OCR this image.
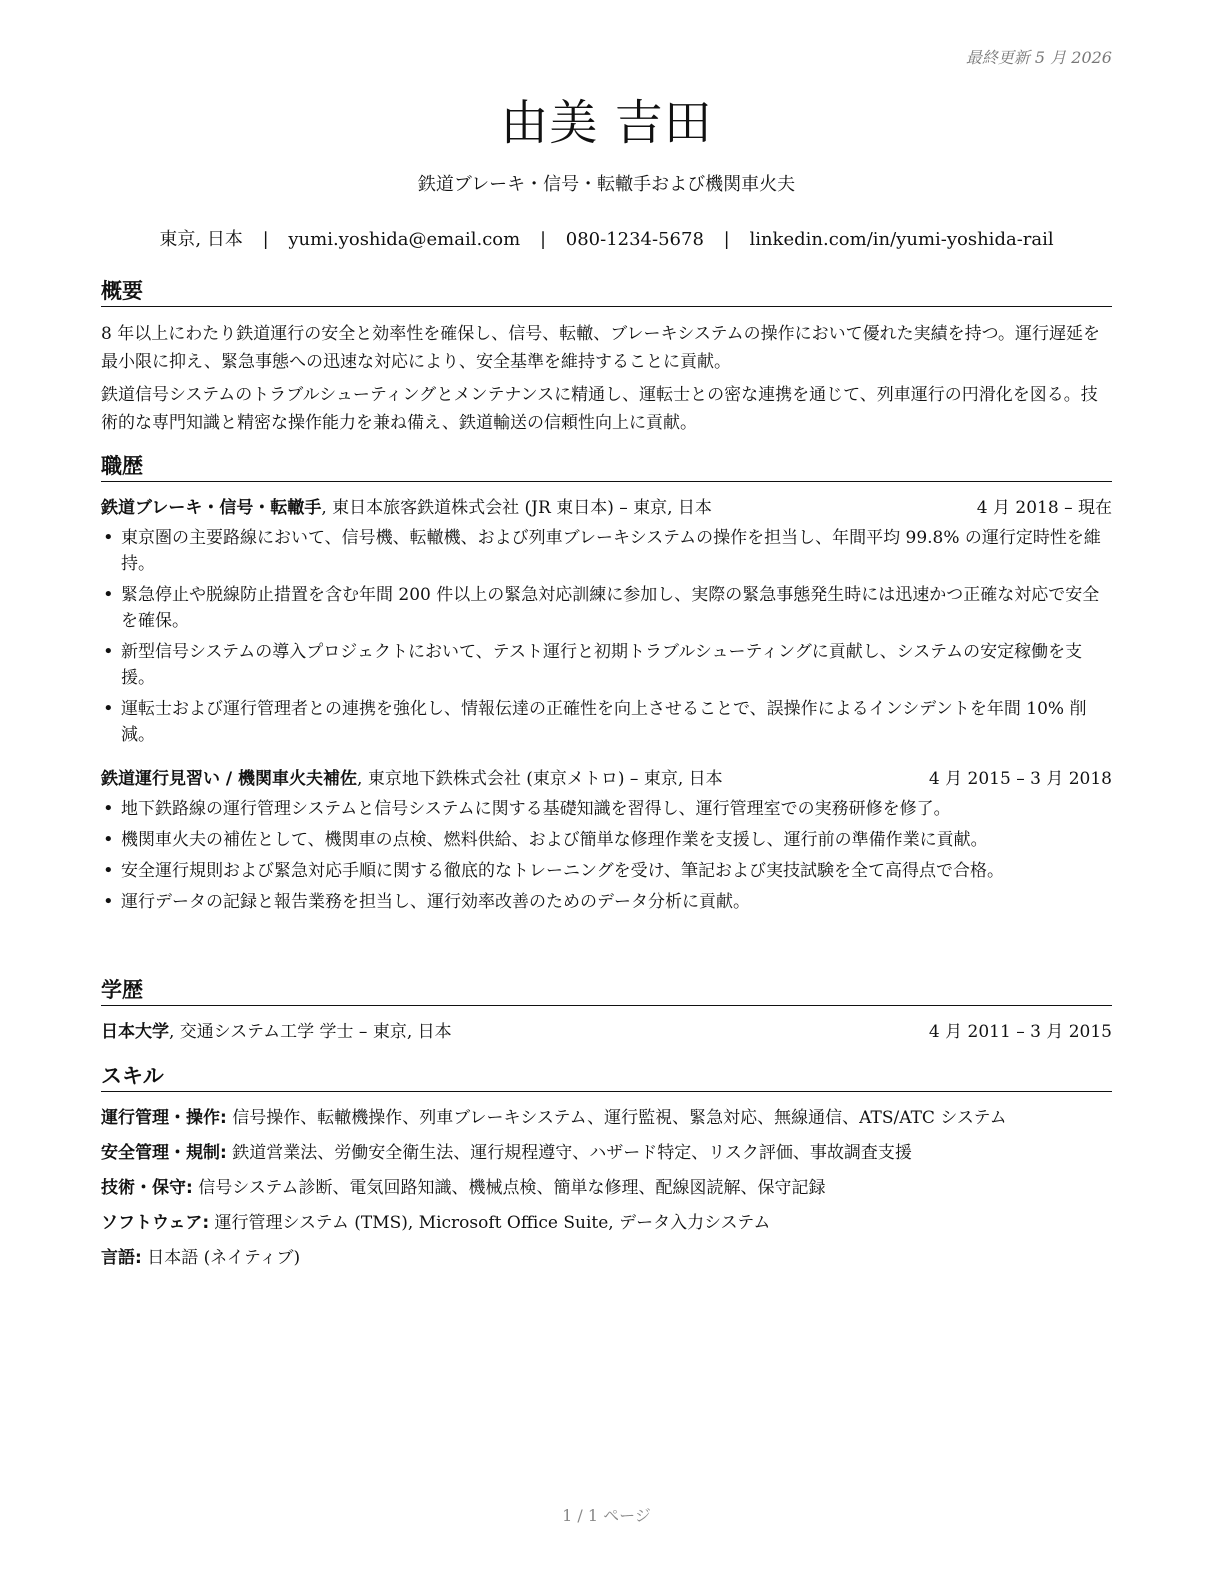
最終更新 5 月 2026
由美 吉田
鉄道ブレーキ・信号・転轍手および機関車火夫
東京, 日本 | yumi.yoshida@email.com | 080-1234-5678 | linkedin.com/in/yumi-yoshida-rail
概要

8 年以上にわたり鉄道運行の安全と効率性を確保し、信号、転轍、ブレーキシステムの操作において優れた実績を持つ。運行遅延を最小限に抑え、緊急事態への迅速な対応により、安全基準を維持することに貢献。

鉄道信号システムのトラブルシューティングとメンテナンスに精通し、運転士との密な連携を通じて、列車運行の円滑化を図る。技術的な専門知識と精密な操作能力を兼ね備え、鉄道輸送の信頼性向上に貢献。

職歴
鉄道ブレーキ・信号・転轍手, 東日本旅客鉄道株式会社 (JR 東日本) – 東京, 日本	4 月 2018 – 現在
• 東京圏の主要路線において、信号機、転轍機、および列車ブレーキシステムの操作を担当し、年間平均 99.8% の運行定時性を維持。
• 緊急停止や脱線防止措置を含む年間 200 件以上の緊急対応訓練に参加し、実際の緊急事態発生時には迅速かつ正確な対応で安全を確保。
• 新型信号システムの導入プロジェクトにおいて、テスト運行と初期トラブルシューティングに貢献し、システムの安定稼働を支援。
• 運転士および運行管理者との連携を強化し、情報伝達の正確性を向上させることで、誤操作によるインシデントを年間 10% 削減。
鉄道運行見習い / 機関車火夫補佐, 東京地下鉄株式会社 (東京メトロ) – 東京, 日本	4 月 2015 – 3 月 2018
• 地下鉄路線の運行管理システムと信号システムに関する基礎知識を習得し、運行管理室での実務研修を修了。
• 機関車火夫の補佐として、機関車の点検、燃料供給、および簡単な修理作業を支援し、運行前の準備作業に貢献。
• 安全運行規則および緊急対応手順に関する徹底的なトレーニングを受け、筆記および実技試験を全て高得点で合格。
• 運行データの記録と報告業務を担当し、運行効率改善のためのデータ分析に貢献。
学歴
日本大学, 交通システム工学 学士 – 東京, 日本	4 月 2011 – 3 月 2015
スキル
運行管理・操作: 信号操作、転轍機操作、列車ブレーキシステム、運行監視、緊急対応、無線通信、ATS/ATC システム
安全管理・規制: 鉄道営業法、労働安全衛生法、運行規程遵守、ハザード特定、リスク評価、事故調査支援
技術・保守: 信号システム診断、電気回路知識、機械点検、簡単な修理、配線図読解、保守記録
ソフトウェア: 運行管理システム (TMS), Microsoft Office Suite, データ入力システム
言語: 日本語 (ネイティブ)
1 / 1 ページ
